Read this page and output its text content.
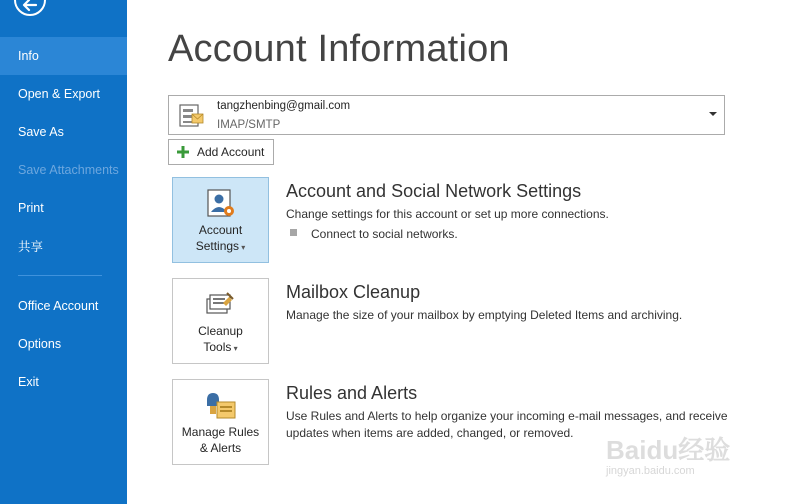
Info
Open & Export
Save As
Save Attachments
Print
共享
Office Account
Options
Exit
Account Information
tangzhenbing@gmail.com
IMAP/SMTP
Add Account
Account
Settings ▾
Account and Social Network Settings
Change settings for this account or set up more connections.
Connect to social networks.
Cleanup
Tools ▾
Mailbox Cleanup
Manage the size of your mailbox by emptying Deleted Items and archiving.
Manage Rules
& Alerts
Rules and Alerts
Use Rules and Alerts to help organize your incoming e-mail messages, and receive
updates when items are added, changed, or removed.
Baidu经验
jingyan.baidu.com
